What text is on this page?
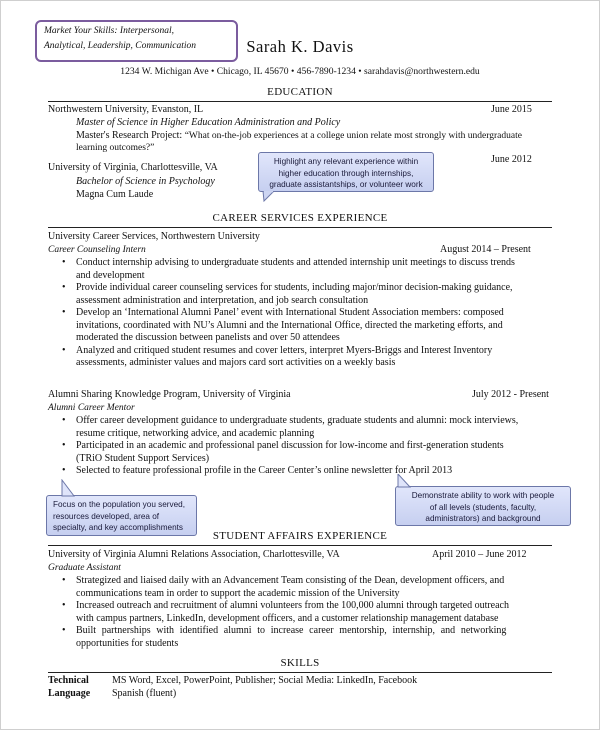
Market Your Skills: Interpersonal,
Analytical, Leadership, Communication	Sarah K. Davis
1234 W. Michigan Ave • Chicago, IL 45670 • 456-7890-1234 • sarahdavis@northwestern.edu
EDUCATION
Northwestern University, Evanston, IL	June 2015
Master of Science in Higher Education Administration and Policy
Master's Research Project: “What on-the-job experiences at a college union relate most strongly with undergraduate
learning outcomes?”
University of Virginia, Charlottesville, VA
June 2012
Bachelor of Science in Psychology
Magna Cum Laude
Highlight any relevant experience within
higher education through internships,
graduate assistantships, or volunteer work
CAREER SERVICES EXPERIENCE
University Career Services, Northwestern University
Career Counseling Intern	August 2014 – Present
• Conduct internship advising to undergraduate students and attended internship unit meetings to discuss trends
and development
• Provide individual career counseling services for students, including major/minor decision-making guidance,
assessment administration and interpretation, and job search consultation
• Develop an ‘International Alumni Panel’ event with International Student Association members: composed
invitations, coordinated with NU’s Alumni and the International Office, directed the marketing efforts, and
moderated the discussion between panelists and over 50 attendees
• Analyzed and critiqued student resumes and cover letters, interpret Myers-Briggs and Interest Inventory
assessments, administer values and majors card sort activities on a weekly basis
Alumni Sharing Knowledge Program, University of Virginia	July 2012 - Present
Alumni Career Mentor
• Offer career development guidance to undergraduate students, graduate students and alumni: mock interviews,
resume critique, networking advice, and academic planning
• Participated in an academic and professional panel discussion for low-income and first-generation students
(TRiO Student Support Services)
• Selected to feature professional profile in the Career Center’s online newsletter for April 2013
Focus on the population you served,
resources developed, area of
specialty, and key accomplishments
Demonstrate ability to work with people
of all levels (students, faculty,
administrators) and background
STUDENT AFFAIRS EXPERIENCE
University of Virginia Alumni Relations Association, Charlottesville, VA	April 2010 – June 2012
Graduate Assistant
• Strategized and liaised daily with an Advancement Team consisting of the Dean, development officers, and
communications team in order to support the academic mission of the University
• Increased outreach and recruitment of alumni volunteers from the 100,000 alumni through targeted outreach
with campus partners, LinkedIn, development officers, and a customer relationship management database
• Built partnerships with identified alumni to increase career mentorship, internship, and networking
opportunities for students
SKILLS
Technical MS Word, Excel, PowerPoint, Publisher; Social Media: LinkedIn, Facebook
Language Spanish (fluent)
